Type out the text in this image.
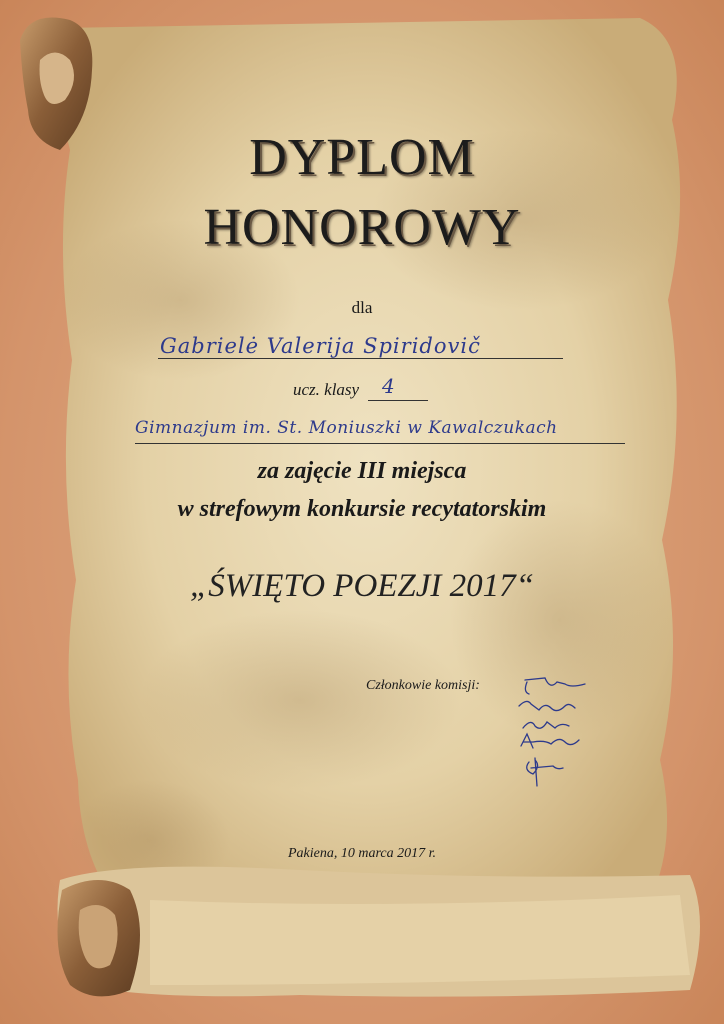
DYPLOM
HONOROWY
dla
Gabrielė Valerija Spiridovič
ucz. klasy 4
Gimnazjum im. St. Moniuszki w Kawalczukach
za zajęcie III miejsca
w strefowym konkursie recytatorskim
„ŚWIĘTO POEZJI 2017“
Członkowie komisji:
Pakiena, 10 marca 2017 r.
